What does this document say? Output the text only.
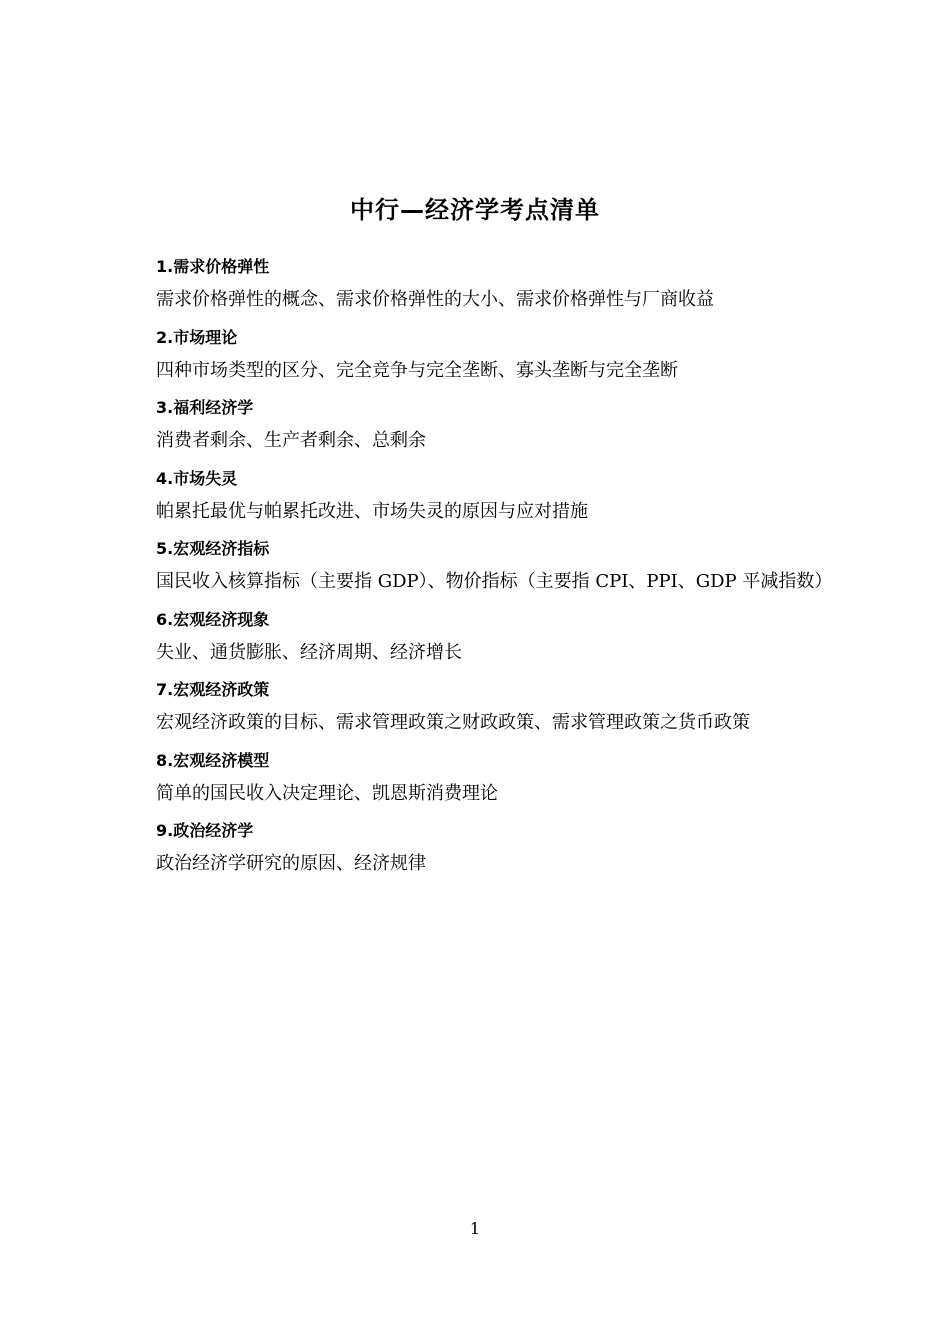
中行—经济学考点清单
1.需求价格弹性
需求价格弹性的概念、需求价格弹性的大小、需求价格弹性与厂商收益
2.市场理论
四种市场类型的区分、完全竞争与完全垄断、寡头垄断与完全垄断
3.福利经济学
消费者剩余、生产者剩余、总剩余
4.市场失灵
帕累托最优与帕累托改进、市场失灵的原因与应对措施
5.宏观经济指标
国民收入核算指标（主要指 GDP）、物价指标（主要指 CPI、PPI、GDP 平减指数）
6.宏观经济现象
失业、通货膨胀、经济周期、经济增长
7.宏观经济政策
宏观经济政策的目标、需求管理政策之财政政策、需求管理政策之货币政策
8.宏观经济模型
简单的国民收入决定理论、凯恩斯消费理论
9.政治经济学
政治经济学研究的原因、经济规律
1
